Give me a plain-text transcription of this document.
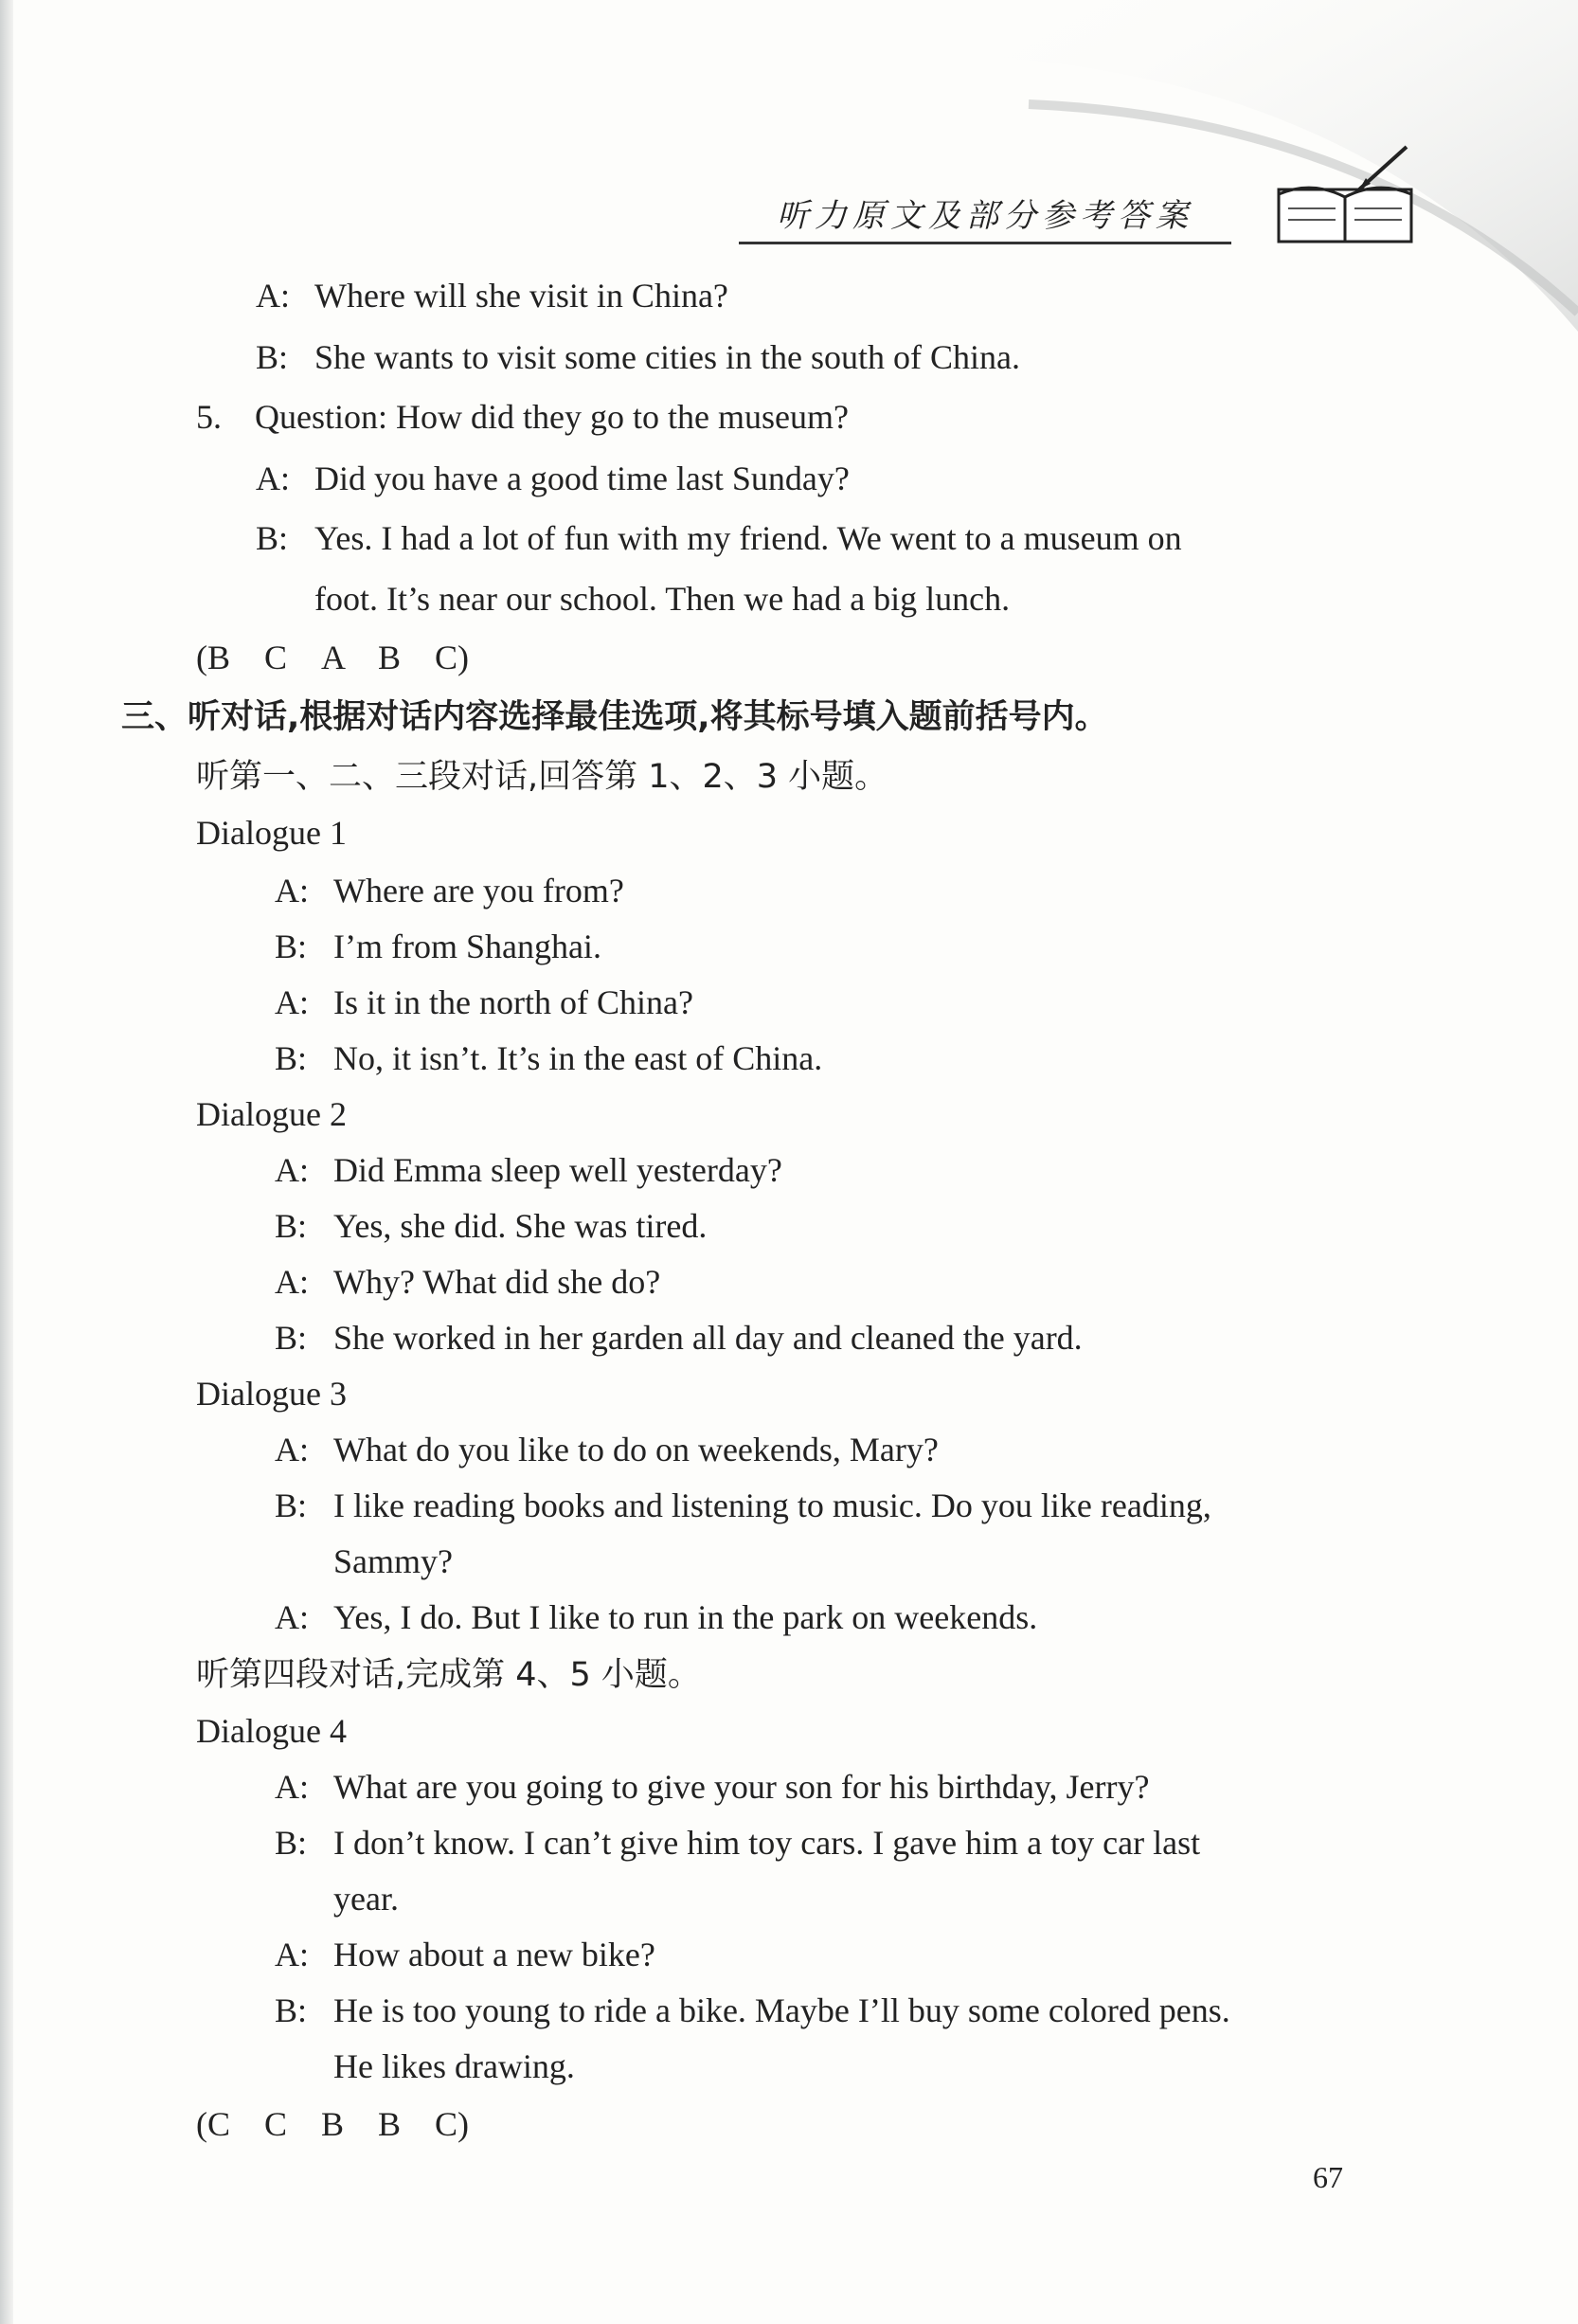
听力原文及部分参考答案
A: Where will she visit in China?
B: She wants to visit some cities in the south of China.
5. Question: How did they go to the museum?
A: Did you have a good time last Sunday?
B: Yes. I had a lot of fun with my friend. We went to a museum on
foot. It’s near our school. Then we had a big lunch.
(B　C　A　B　C)
三、听对话,根据对话内容选择最佳选项,将其标号填入题前括号内。
听第一、二、三段对话,回答第 1、2、3 小题。
Dialogue 1
A: Where are you from?
B: I’m from Shanghai.
A: Is it in the north of China?
B: No, it isn’t. It’s in the east of China.
Dialogue 2
A: Did Emma sleep well yesterday?
B: Yes, she did. She was tired.
A: Why? What did she do?
B: She worked in her garden all day and cleaned the yard.
Dialogue 3
A: What do you like to do on weekends, Mary?
B: I like reading books and listening to music. Do you like reading,
Sammy?
A: Yes, I do. But I like to run in the park on weekends.
听第四段对话,完成第 4、5 小题。
Dialogue 4
A: What are you going to give your son for his birthday, Jerry?
B: I don’t know. I can’t give him toy cars. I gave him a toy car last
year.
A: How about a new bike?
B: He is too young to ride a bike. Maybe I’ll buy some colored pens.
He likes drawing.
(C　C　B　B　C)
67
